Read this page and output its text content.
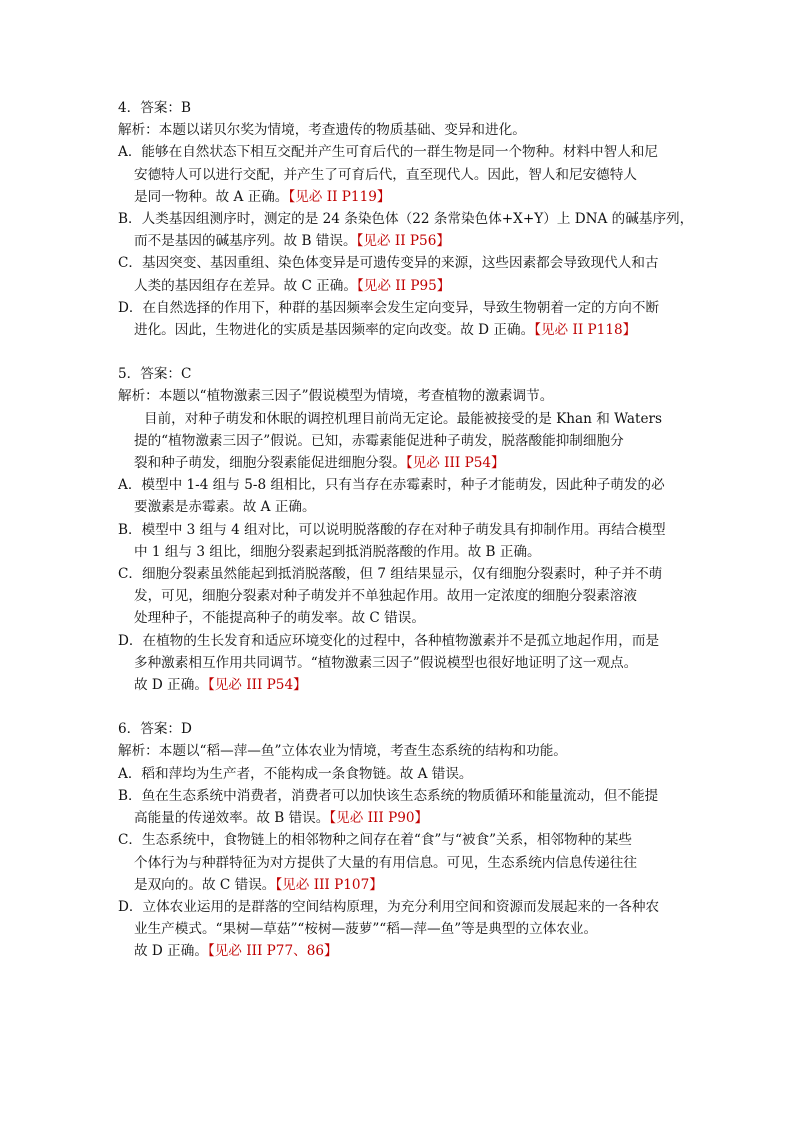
4．答案：B
解析：本题以诺贝尔奖为情境，考查遗传的物质基础、变异和进化。
A．能够在自然状态下相互交配并产生可育后代的一群生物是同一个物种。材料中智人和尼
安德特人可以进行交配，并产生了可育后代，直至现代人。因此，智人和尼安德特人
是同一物种。故 A 正确。【见必 II P119】
B．人类基因组测序时，测定的是 24 条染色体（22 条常染色体+X+Y）上 DNA 的碱基序列，
而不是基因的碱基序列。故 B 错误。【见必 II P56】
C．基因突变、基因重组、染色体变异是可遗传变异的来源，这些因素都会导致现代人和古
人类的基因组存在差异。故 C 正确。【见必 II P95】
D．在自然选择的作用下，种群的基因频率会发生定向变异，导致生物朝着一定的方向不断
进化。因此，生物进化的实质是基因频率的定向改变。故 D 正确。【见必 II P118】
5．答案：C
解析：本题以“植物激素三因子”假说模型为情境，考查植物的激素调节。
目前，对种子萌发和休眠的调控机理目前尚无定论。最能被接受的是 Khan 和 Waters
提的“植物激素三因子”假说。已知，赤霉素能促进种子萌发，脱落酸能抑制细胞分
裂和种子萌发，细胞分裂素能促进细胞分裂。【见必 III P54】
A．模型中 1-4 组与 5-8 组相比，只有当存在赤霉素时，种子才能萌发，因此种子萌发的必
要激素是赤霉素。故 A 正确。
B．模型中 3 组与 4 组对比，可以说明脱落酸的存在对种子萌发具有抑制作用。再结合模型
中 1 组与 3 组比，细胞分裂素起到抵消脱落酸的作用。故 B 正确。
C．细胞分裂素虽然能起到抵消脱落酸，但 7 组结果显示，仅有细胞分裂素时，种子并不萌
发，可见，细胞分裂素对种子萌发并不单独起作用。故用一定浓度的细胞分裂素溶液
处理种子，不能提高种子的萌发率。故 C 错误。
D．在植物的生长发育和适应环境变化的过程中，各种植物激素并不是孤立地起作用，而是
多种激素相互作用共同调节。“植物激素三因子”假说模型也很好地证明了这一观点。
故 D 正确。【见必 III P54】
6．答案：D
解析：本题以“稻—萍—鱼”立体农业为情境，考查生态系统的结构和功能。
A．稻和萍均为生产者，不能构成一条食物链。故 A 错误。
B．鱼在生态系统中消费者，消费者可以加快该生态系统的物质循环和能量流动，但不能提
高能量的传递效率。故 B 错误。【见必 III P90】
C．生态系统中，食物链上的相邻物种之间存在着“食”与“被食”关系，相邻物种的某些
个体行为与种群特征为对方提供了大量的有用信息。可见，生态系统内信息传递往往
是双向的。故 C 错误。【见必 III P107】
D．立体农业运用的是群落的空间结构原理，为充分利用空间和资源而发展起来的一各种农
业生产模式。“果树—草菇”“桉树—菠萝”“稻—萍—鱼”等是典型的立体农业。
故 D 正确。【见必 III P77、86】
